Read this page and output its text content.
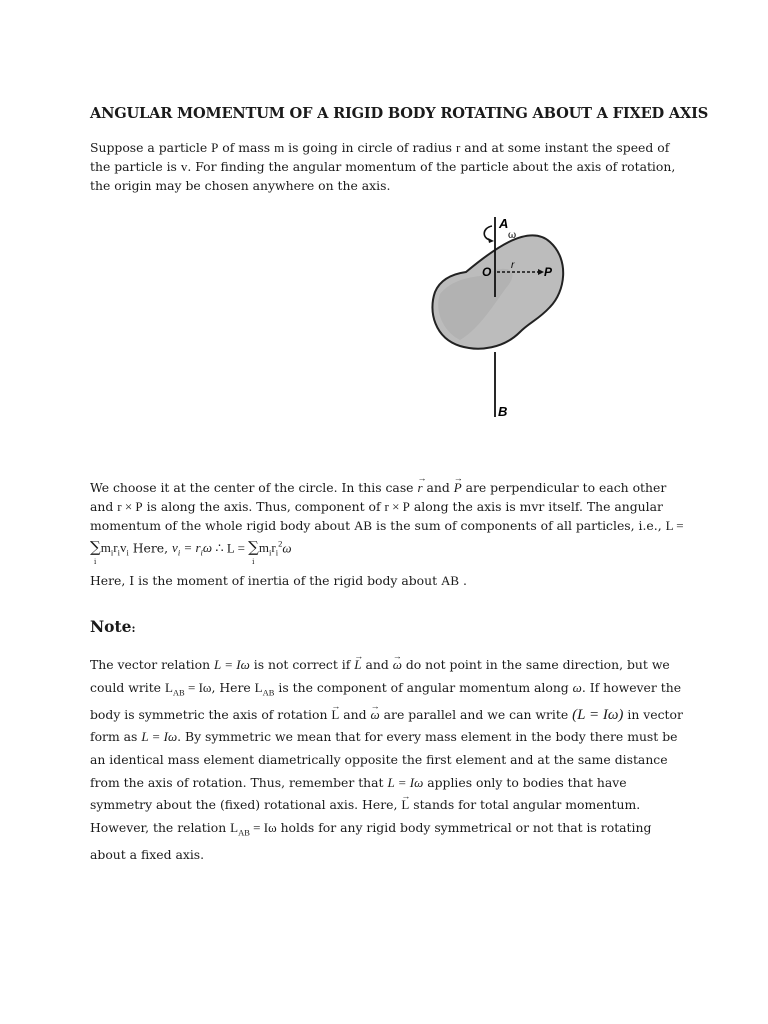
ANGULAR MOMENTUM OF A RIGID BODY ROTATING ABOUT A FIXED AXIS
Suppose a particle P of mass m is going in circle of radius r and at some instant the speed of the particle is v. For finding the angular momentum of the particle about the axis of rotation, the origin may be chosen anywhere on the axis.
A
ω
O r P
B
We choose it at the center of the circle. In this case → r and → P are perpendicular to each other and r × P is along the axis. Thus, component of r × P along the axis is mvr itself. The angular momentum of the whole rigid body about AB is the sum of components of all particles, i.e., L = ∑
i
$m_ir_iv_i$ Here, $v_i = r_i\omega$ ∴ L = ∑
i
$m_ir_i^2\omega$
Here, I is the moment of inertia of the rigid body about AB .
Note:
The vector relation L = Iω is not correct if → L and → ω do not point in the same direction, but we could write $L_{AB} = I\omega$, Here $L_{AB}$ is the component of angular momentum along ω. If however the body is symmetric the axis of rotation → L and → ω are parallel and we can write (L = Iω) in vector form as L = Iω. By symmetric we mean that for every mass element in the body there must be an identical mass element diametrically opposite the first element and at the same distance from the axis of rotation. Thus, remember that L = Iω applies only to bodies that have symmetry about the (fixed) rotational axis. Here, → L stands for total angular momentum. However, the relation $L_{AB} = I\omega$ holds for any rigid body symmetrical or not that is rotating about a fixed axis.
